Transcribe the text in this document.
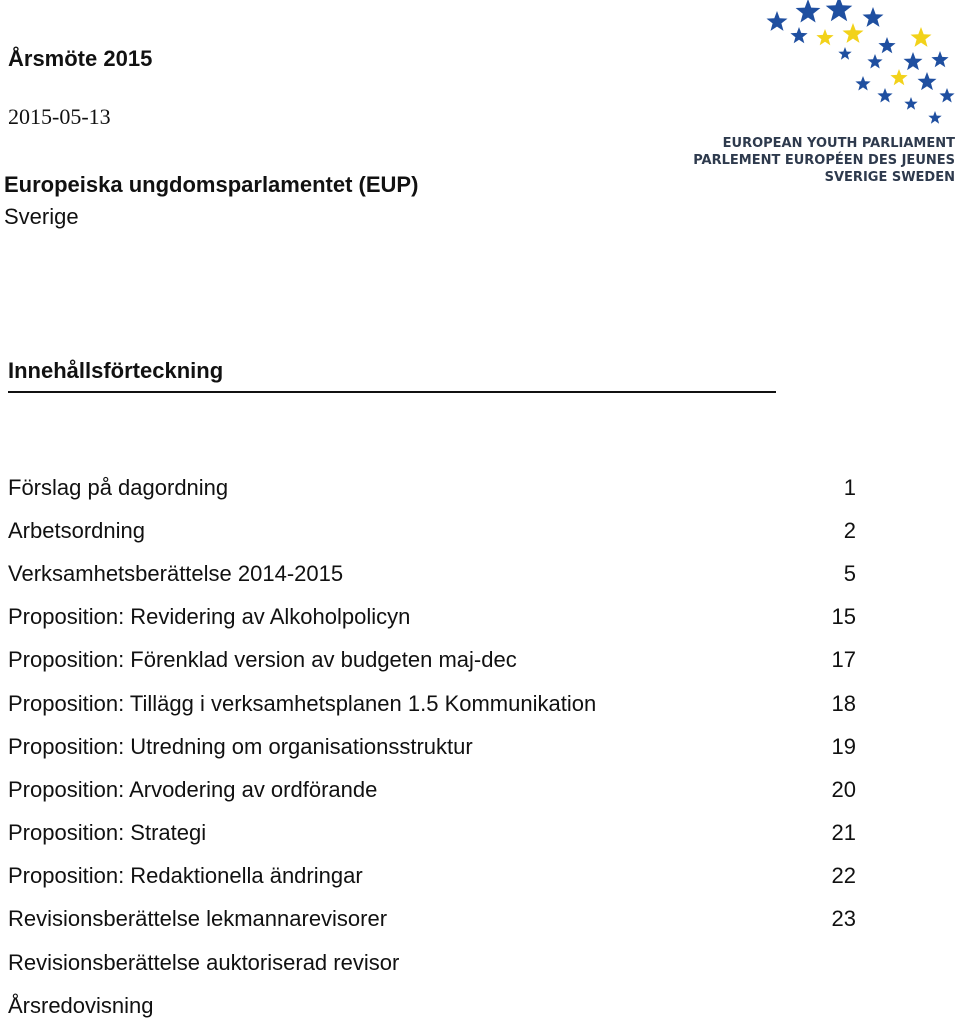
Årsmöte 2015
2015-05-13
Europeiska ungdomsparlamentet (EUP)
Sverige
EUROPEAN YOUTH PARLIAMENT
PARLEMENT EUROPÉEN DES JEUNES
SVERIGE SWEDEN
Innehållsförteckning
Förslag på dagordning	1
Arbetsordning	2
Verksamhetsberättelse 2014-2015	5
Proposition: Revidering av Alkoholpolicyn	15
Proposition: Förenklad version av budgeten maj-dec	17
Proposition: Tillägg i verksamhetsplanen 1.5 Kommunikation	18
Proposition: Utredning om organisationsstruktur	19
Proposition: Arvodering av ordförande	20
Proposition: Strategi	21
Proposition: Redaktionella ändringar	22
Revisionsberättelse lekmannarevisorer	23
Revisionsberättelse auktoriserad revisor
Årsredovisning
